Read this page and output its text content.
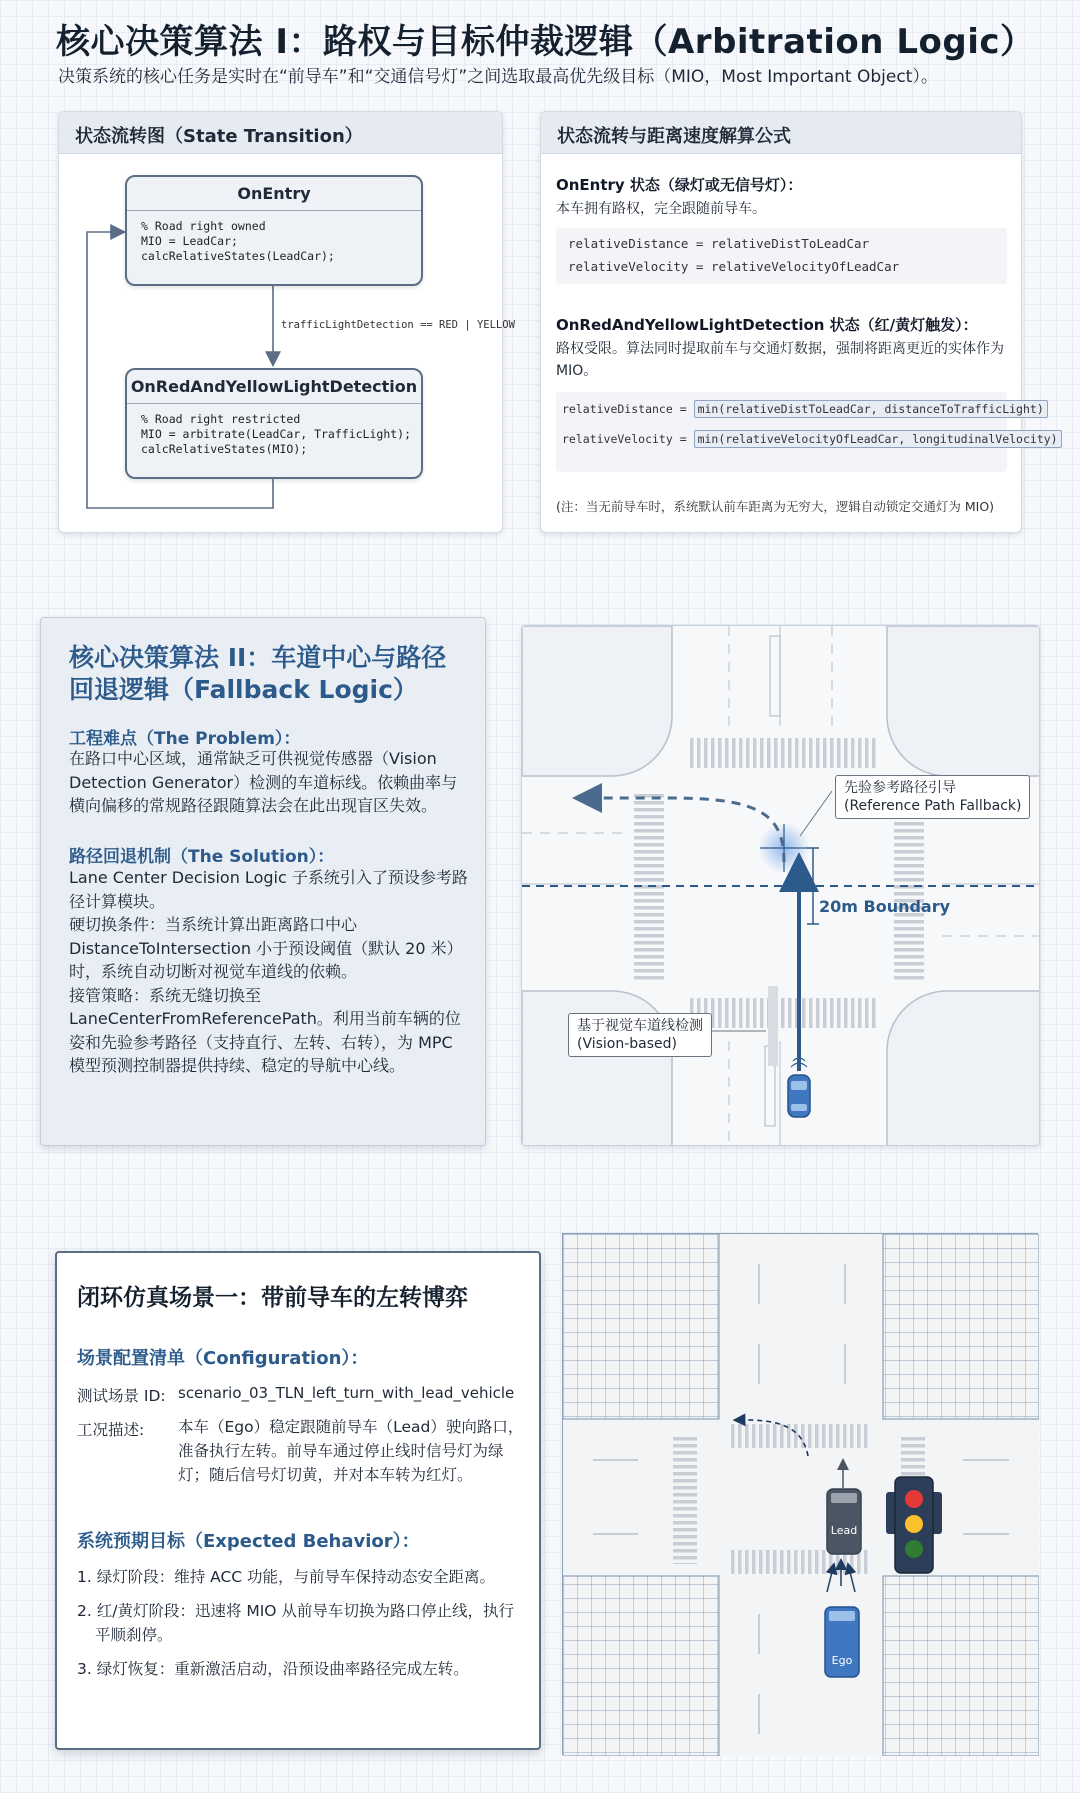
核心决策算法 I：路权与目标仲裁逻辑（Arbitration Logic）
决策系统的核心任务是实时在“前导车”和“交通信号灯”之间选取最高优先级目标（MIO，Most Important Object）。
状态流转图（State Transition）
OnEntry
% Road right owned
MIO = LeadCar;
calcRelativeStates(LeadCar);
trafficLightDetection == RED | YELLOW
OnRedAndYellowLightDetection
% Road right restricted
MIO = arbitrate(LeadCar, TrafficLight);
calcRelativeStates(MIO);
状态流转与距离速度解算公式
OnEntry 状态（绿灯或无信号灯）：
本车拥有路权，完全跟随前导车。
relativeDistance = relativeDistToLeadCar
relativeVelocity = relativeVelocityOfLeadCar
OnRedAndYellowLightDetection 状态（红/黄灯触发）：
路权受限。算法同时提取前车与交通灯数据，强制将距离更近的实体作为MIO。
relativeDistance = min(relativeDistToLeadCar, distanceToTrafficLight)
relativeVelocity = min(relativeVelocityOfLeadCar, longitudinalVelocity)
(注：当无前导车时，系统默认前车距离为无穷大，逻辑自动锁定交通灯为 MIO)
核心决策算法 II：车道中心与路径
回退逻辑（Fallback Logic）
工程难点（The Problem）：
在路口中心区域，通常缺乏可供视觉传感器（Vision Detection Generator）检测的车道标线。依赖曲率与横向偏移的常规路径跟随算法会在此出现盲区失效。
路径回退机制（The Solution）：
Lane Center Decision Logic 子系统引入了预设参考路径计算模块。
硬切换条件：当系统计算出距离路口中心 DistanceToIntersection 小于预设阈值（默认 20 米）时，系统自动切断对视觉车道线的依赖。
接管策略：系统无缝切换至 LaneCenterFromReferencePath。利用当前车辆的位姿和先验参考路径（支持直行、左转、右转），为 MPC 模型预测控制器提供持续、稳定的导航中心线。
先验参考路径引导
(Reference Path Fallback)
20m Boundary
基于视觉车道线检测
(Vision-based)
闭环仿真场景一：带前导车的左转博弈
场景配置清单（Configuration）：
测试场景 ID: scenario_03_TLN_left_turn_with_lead_vehicle
工况描述: 本车（Ego）稳定跟随前导车（Lead）驶向路口，准备执行左转。前导车通过停止线时信号灯为绿灯；随后信号灯切黄，并对本车转为红灯。
系统预期目标（Expected Behavior）：
1. 绿灯阶段：维持 ACC 功能，与前导车保持动态安全距离。
2. 红/黄灯阶段：迅速将 MIO 从前导车切换为路口停止线，执行平顺刹停。
3. 绿灯恢复：重新激活启动，沿预设曲率路径完成左转。
Lead
Ego
